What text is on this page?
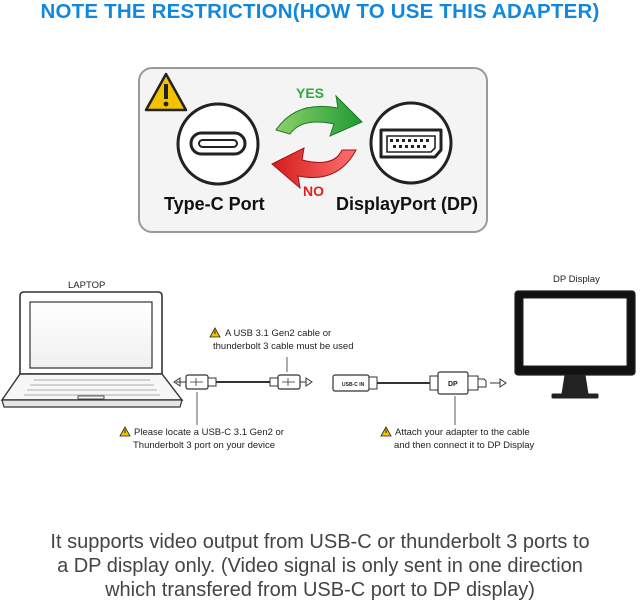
NOTE THE RESTRICTION(HOW TO USE THIS ADAPTER)
USB-C IN	DP
Type-C Port	DisplayPort (DP)
YES
NO
LAPTOP
DP Display
A USB 3.1 Gen2 cable or
thunderbolt 3 cable must be used
Please locate a USB-C 3.1 Gen2 or
Thunderbolt 3 port on your device
Attach your adapter to the cable
and then connect it to DP Display
It supports video output from USB-C or thunderbolt 3 ports to
a DP display only. (Video signal is only sent in one direction
which transfered from USB-C port to DP display)
